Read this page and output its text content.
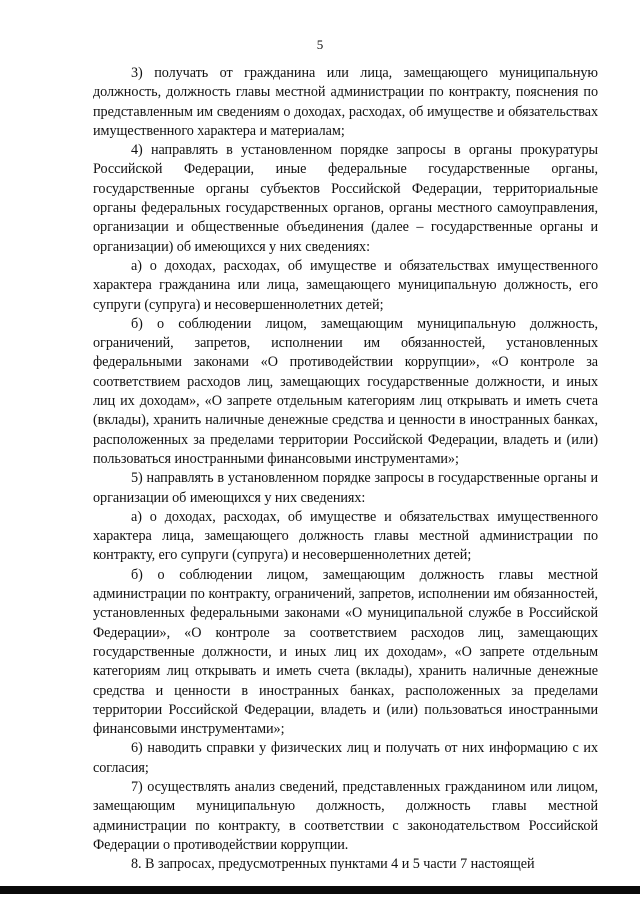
5

3) получать от гражданина или лица, замещающего муниципальную должность, должность главы местной администрации по контракту, пояснения по представленным им сведениям о доходах, расходах, об имуществе и обязательствах имущественного характера и материалам;

4) направлять в установленном порядке запросы в органы прокуратуры Российской Федерации, иные федеральные государственные органы, государственные органы субъектов Российской Федерации, территориальные органы федеральных государственных органов, органы местного самоуправления, организации и общественные объединения (далее – государственные органы и организации) об имеющихся у них сведениях:

а) о доходах, расходах, об имуществе и обязательствах имущественного характера гражданина или лица, замещающего муниципальную должность, его супруги (супруга) и несовершеннолетних детей;

б) о соблюдении лицом, замещающим муниципальную должность, ограничений, запретов, исполнении им обязанностей, установленных федеральными законами «О противодействии коррупции», «О контроле за соответствием расходов лиц, замещающих государственные должности, и иных лиц их доходам», «О запрете отдельным категориям лиц открывать и иметь счета (вклады), хранить наличные денежные средства и ценности в иностранных банках, расположенных за пределами территории Российской Федерации, владеть и (или) пользоваться иностранными финансовыми инструментами»;

5) направлять в установленном порядке запросы в государственные органы и организации об имеющихся у них сведениях:

а) о доходах, расходах, об имуществе и обязательствах имущественного характера лица, замещающего должность главы местной администрации по контракту, его супруги (супруга) и несовершеннолетних детей;

б) о соблюдении лицом, замещающим должность главы местной администрации по контракту, ограничений, запретов, исполнении им обязанностей, установленных федеральными законами «О муниципальной службе в Российской Федерации», «О контроле за соответствием расходов лиц, замещающих государственные должности, и иных лиц их доходам», «О запрете отдельным категориям лиц открывать и иметь счета (вклады), хранить наличные денежные средства и ценности в иностранных банках, расположенных за пределами территории Российской Федерации, владеть и (или) пользоваться иностранными финансовыми инструментами»;

6) наводить справки у физических лиц и получать от них информацию с их согласия;

7) осуществлять анализ сведений, представленных гражданином или лицом, замещающим муниципальную должность, должность главы местной администрации по контракту, в соответствии с законодательством Российской Федерации о противодействии коррупции.

8. В запросах, предусмотренных пунктами 4 и 5 части 7 настоящей
